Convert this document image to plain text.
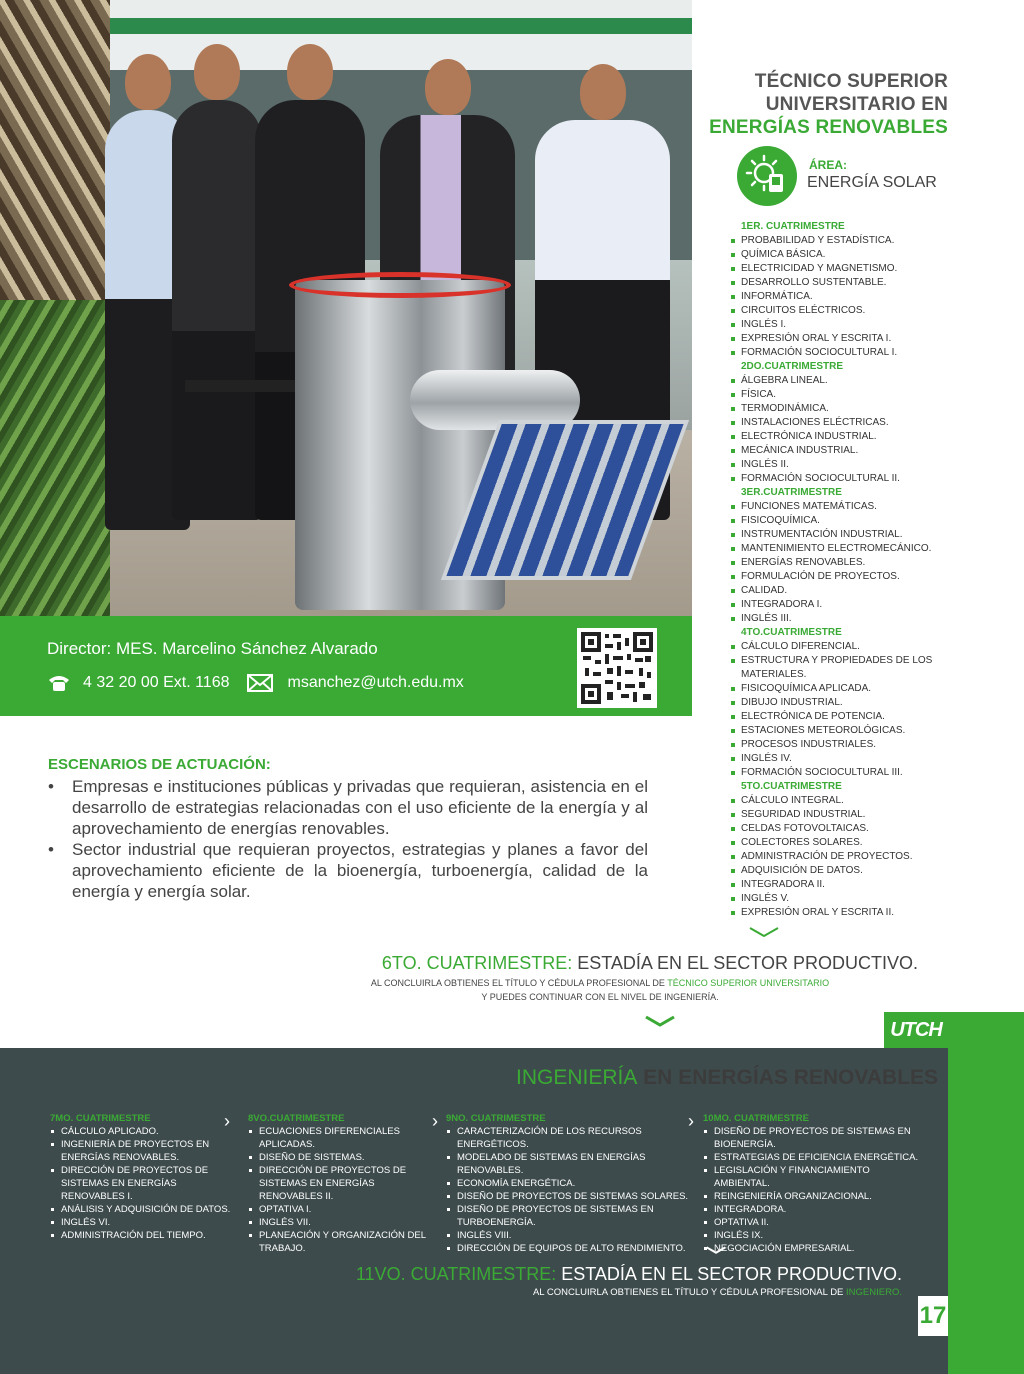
Director: MES. Marcelino Sánchez Alvarado
4 32 20 00 Ext. 1168	msanchez@utch.edu.mx
TÉCNICO SUPERIOR
UNIVERSITARIO EN
ENERGÍAS RENOVABLES
ÁREA:
ENERGÍA SOLAR
1ER. CUATRIMESTRE
PROBABILIDAD Y ESTADÍSTICA.
QUÍMICA BÁSICA.
ELECTRICIDAD Y MAGNETISMO.
DESARROLLO SUSTENTABLE.
INFORMÁTICA.
CIRCUITOS ELÉCTRICOS.
INGLÉS I.
EXPRESIÓN ORAL Y ESCRITA I.
FORMACIÓN SOCIOCULTURAL I.
2DO.CUATRIMESTRE
ÁLGEBRA LINEAL.
FÍSICA.
TERMODINÁMICA.
INSTALACIONES ELÉCTRICAS.
ELECTRÓNICA INDUSTRIAL.
MECÁNICA INDUSTRIAL.
INGLÉS II.
FORMACIÓN SOCIOCULTURAL II.
3ER.CUATRIMESTRE
FUNCIONES MATEMÁTICAS.
FISICOQUÍMICA.
INSTRUMENTACIÓN INDUSTRIAL.
MANTENIMIENTO ELECTROMECÁNICO.
ENERGÍAS RENOVABLES.
FORMULACIÓN DE PROYECTOS.
CALIDAD.
INTEGRADORA I.
INGLÉS III.
4TO.CUATRIMESTRE
CÁLCULO DIFERENCIAL.
ESTRUCTURA Y PROPIEDADES DE LOS MATERIALES.
FISICOQUÍMICA APLICADA.
DIBUJO INDUSTRIAL.
ELECTRÓNICA DE POTENCIA.
ESTACIONES METEOROLÓGICAS.
PROCESOS INDUSTRIALES.
INGLÉS IV.
FORMACIÓN SOCIOCULTURAL III.
5TO.CUATRIMESTRE
CÁLCULO INTEGRAL.
SEGURIDAD INDUSTRIAL.
CELDAS FOTOVOLTAICAS.
COLECTORES SOLARES.
ADMINISTRACIÓN DE PROYECTOS.
ADQUISICIÓN DE DATOS.
INTEGRADORA II.
INGLÉS V.
EXPRESIÓN ORAL Y ESCRITA II.
ESCENARIOS DE ACTUACIÓN:
• Empresas e instituciones públicas y privadas que requieran, asistencia en el desarrollo de estrategias relacionadas con el uso eficiente de la energía y al aprovechamiento de energías renovables.
• Sector industrial que requieran proyectos, estrategias y planes a favor del aprovechamiento eficiente de la bioenergía, turboenergía, calidad de la energía y energía solar.
6TO. CUATRIMESTRE: ESTADÍA EN EL SECTOR PRODUCTIVO.
AL CONCLUIRLA OBTIENES EL TÍTULO Y CÉDULA PROFESIONAL DE TÉCNICO SUPERIOR UNIVERSITARIO
Y PUEDES CONTINUAR CON EL NIVEL DE INGENIERÍA.
UTCH
INGENIERÍA EN ENERGÍAS RENOVABLES
7MO. CUATRIMESTRE
CÁLCULO APLICADO.
INGENIERÍA DE PROYECTOS EN ENERGÍAS RENOVABLES.
DIRECCIÓN DE PROYECTOS DE SISTEMAS EN ENERGÍAS RENOVABLES I.
ANÁLISIS Y ADQUISICIÓN DE DATOS.
INGLÉS VI.
ADMINISTRACIÓN DEL TIEMPO.
8VO.CUATRIMESTRE
ECUACIONES DIFERENCIALES APLICADAS.
DISEÑO DE SISTEMAS.
DIRECCIÓN DE PROYECTOS DE SISTEMAS EN ENERGÍAS RENOVABLES II.
OPTATIVA I.
INGLÉS VII.
PLANEACIÓN Y ORGANIZACIÓN DEL TRABAJO.
9NO. CUATRIMESTRE
CARACTERIZACIÓN DE LOS RECURSOS ENERGÉTICOS.
MODELADO DE SISTEMAS EN ENERGÍAS RENOVABLES.
ECONOMÍA ENERGÉTICA.
DISEÑO DE PROYECTOS DE SISTEMAS SOLARES.
DISEÑO DE PROYECTOS DE SISTEMAS EN TURBOENERGÍA.
INGLÉS VIII.
DIRECCIÓN DE EQUIPOS DE ALTO RENDIMIENTO.
10MO. CUATRIMESTRE
DISEÑO DE PROYECTOS DE SISTEMAS EN BIOENERGÍA.
ESTRATEGIAS DE EFICIENCIA ENERGÉTICA.
LEGISLACIÓN Y FINANCIAMIENTO AMBIENTAL.
REINGENIERÍA ORGANIZACIONAL.
INTEGRADORA.
OPTATIVA II.
INGLÉS IX.
NEGOCIACIÓN EMPRESARIAL.
›	›	›
11VO. CUATRIMESTRE: ESTADÍA EN EL SECTOR PRODUCTIVO.
AL CONCLUIRLA OBTIENES EL TÍTULO Y CÉDULA PROFESIONAL DE INGENIERO.
17
